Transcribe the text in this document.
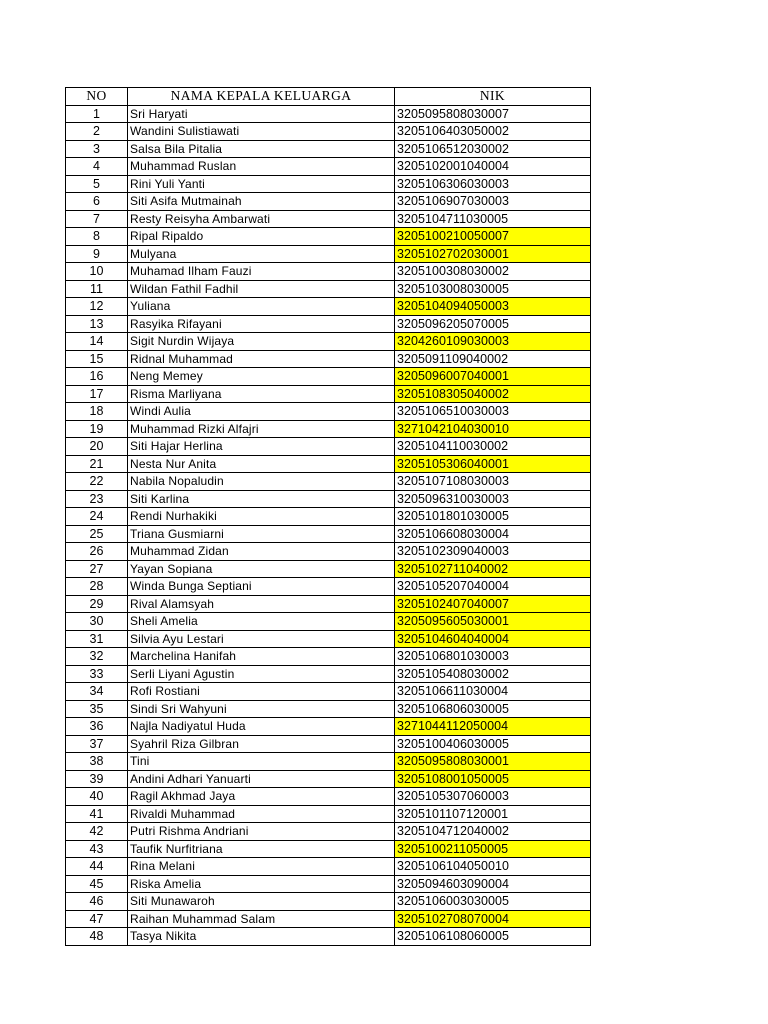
NO	NAMA KEPALA KELUARGA	NIK
1	Sri Haryati	3205095808030007
2	Wandini Sulistiawati	3205106403050002
3	Salsa Bila Pitalia	3205106512030002
4	Muhammad Ruslan	3205102001040004
5	Rini Yuli Yanti	3205106306030003
6	Siti Asifa Mutmainah	3205106907030003
7	Resty Reisyha Ambarwati	3205104711030005
8	Ripal Ripaldo	3205100210050007
9	Mulyana	3205102702030001
10	Muhamad Ilham Fauzi	3205100308030002
11	Wildan Fathil Fadhil	3205103008030005
12	Yuliana	3205104094050003
13	Rasyika Rifayani	3205096205070005
14	Sigit Nurdin Wijaya	3204260109030003
15	Ridnal Muhammad	3205091109040002
16	Neng Memey	3205096007040001
17	Risma Marliyana	3205108305040002
18	Windi Aulia	3205106510030003
19	Muhammad Rizki Alfajri	3271042104030010
20	Siti Hajar Herlina	3205104110030002
21	Nesta Nur Anita	3205105306040001
22	Nabila Nopaludin	3205107108030003
23	Siti Karlina	3205096310030003
24	Rendi Nurhakiki	3205101801030005
25	Triana Gusmiarni	3205106608030004
26	Muhammad Zidan	3205102309040003
27	Yayan Sopiana	3205102711040002
28	Winda Bunga Septiani	3205105207040004
29	Rival Alamsyah	3205102407040007
30	Sheli Amelia	3205095605030001
31	Silvia Ayu Lestari	3205104604040004
32	Marchelina Hanifah	3205106801030003
33	Serli Liyani Agustin	3205105408030002
34	Rofi Rostiani	3205106611030004
35	Sindi Sri Wahyuni	3205106806030005
36	Najla Nadiyatul Huda	3271044112050004
37	Syahril Riza Gilbran	3205100406030005
38	Tini	3205095808030001
39	Andini Adhari Yanuarti	3205108001050005
40	Ragil Akhmad Jaya	3205105307060003
41	Rivaldi Muhammad	3205101107120001
42	Putri Rishma Andriani	3205104712040002
43	Taufik Nurfitriana	3205100211050005
44	Rina Melani	3205106104050010
45	Riska Amelia	3205094603090004
46	Siti Munawaroh	3205106003030005
47	Raihan Muhammad Salam	3205102708070004
48	Tasya Nikita	3205106108060005
